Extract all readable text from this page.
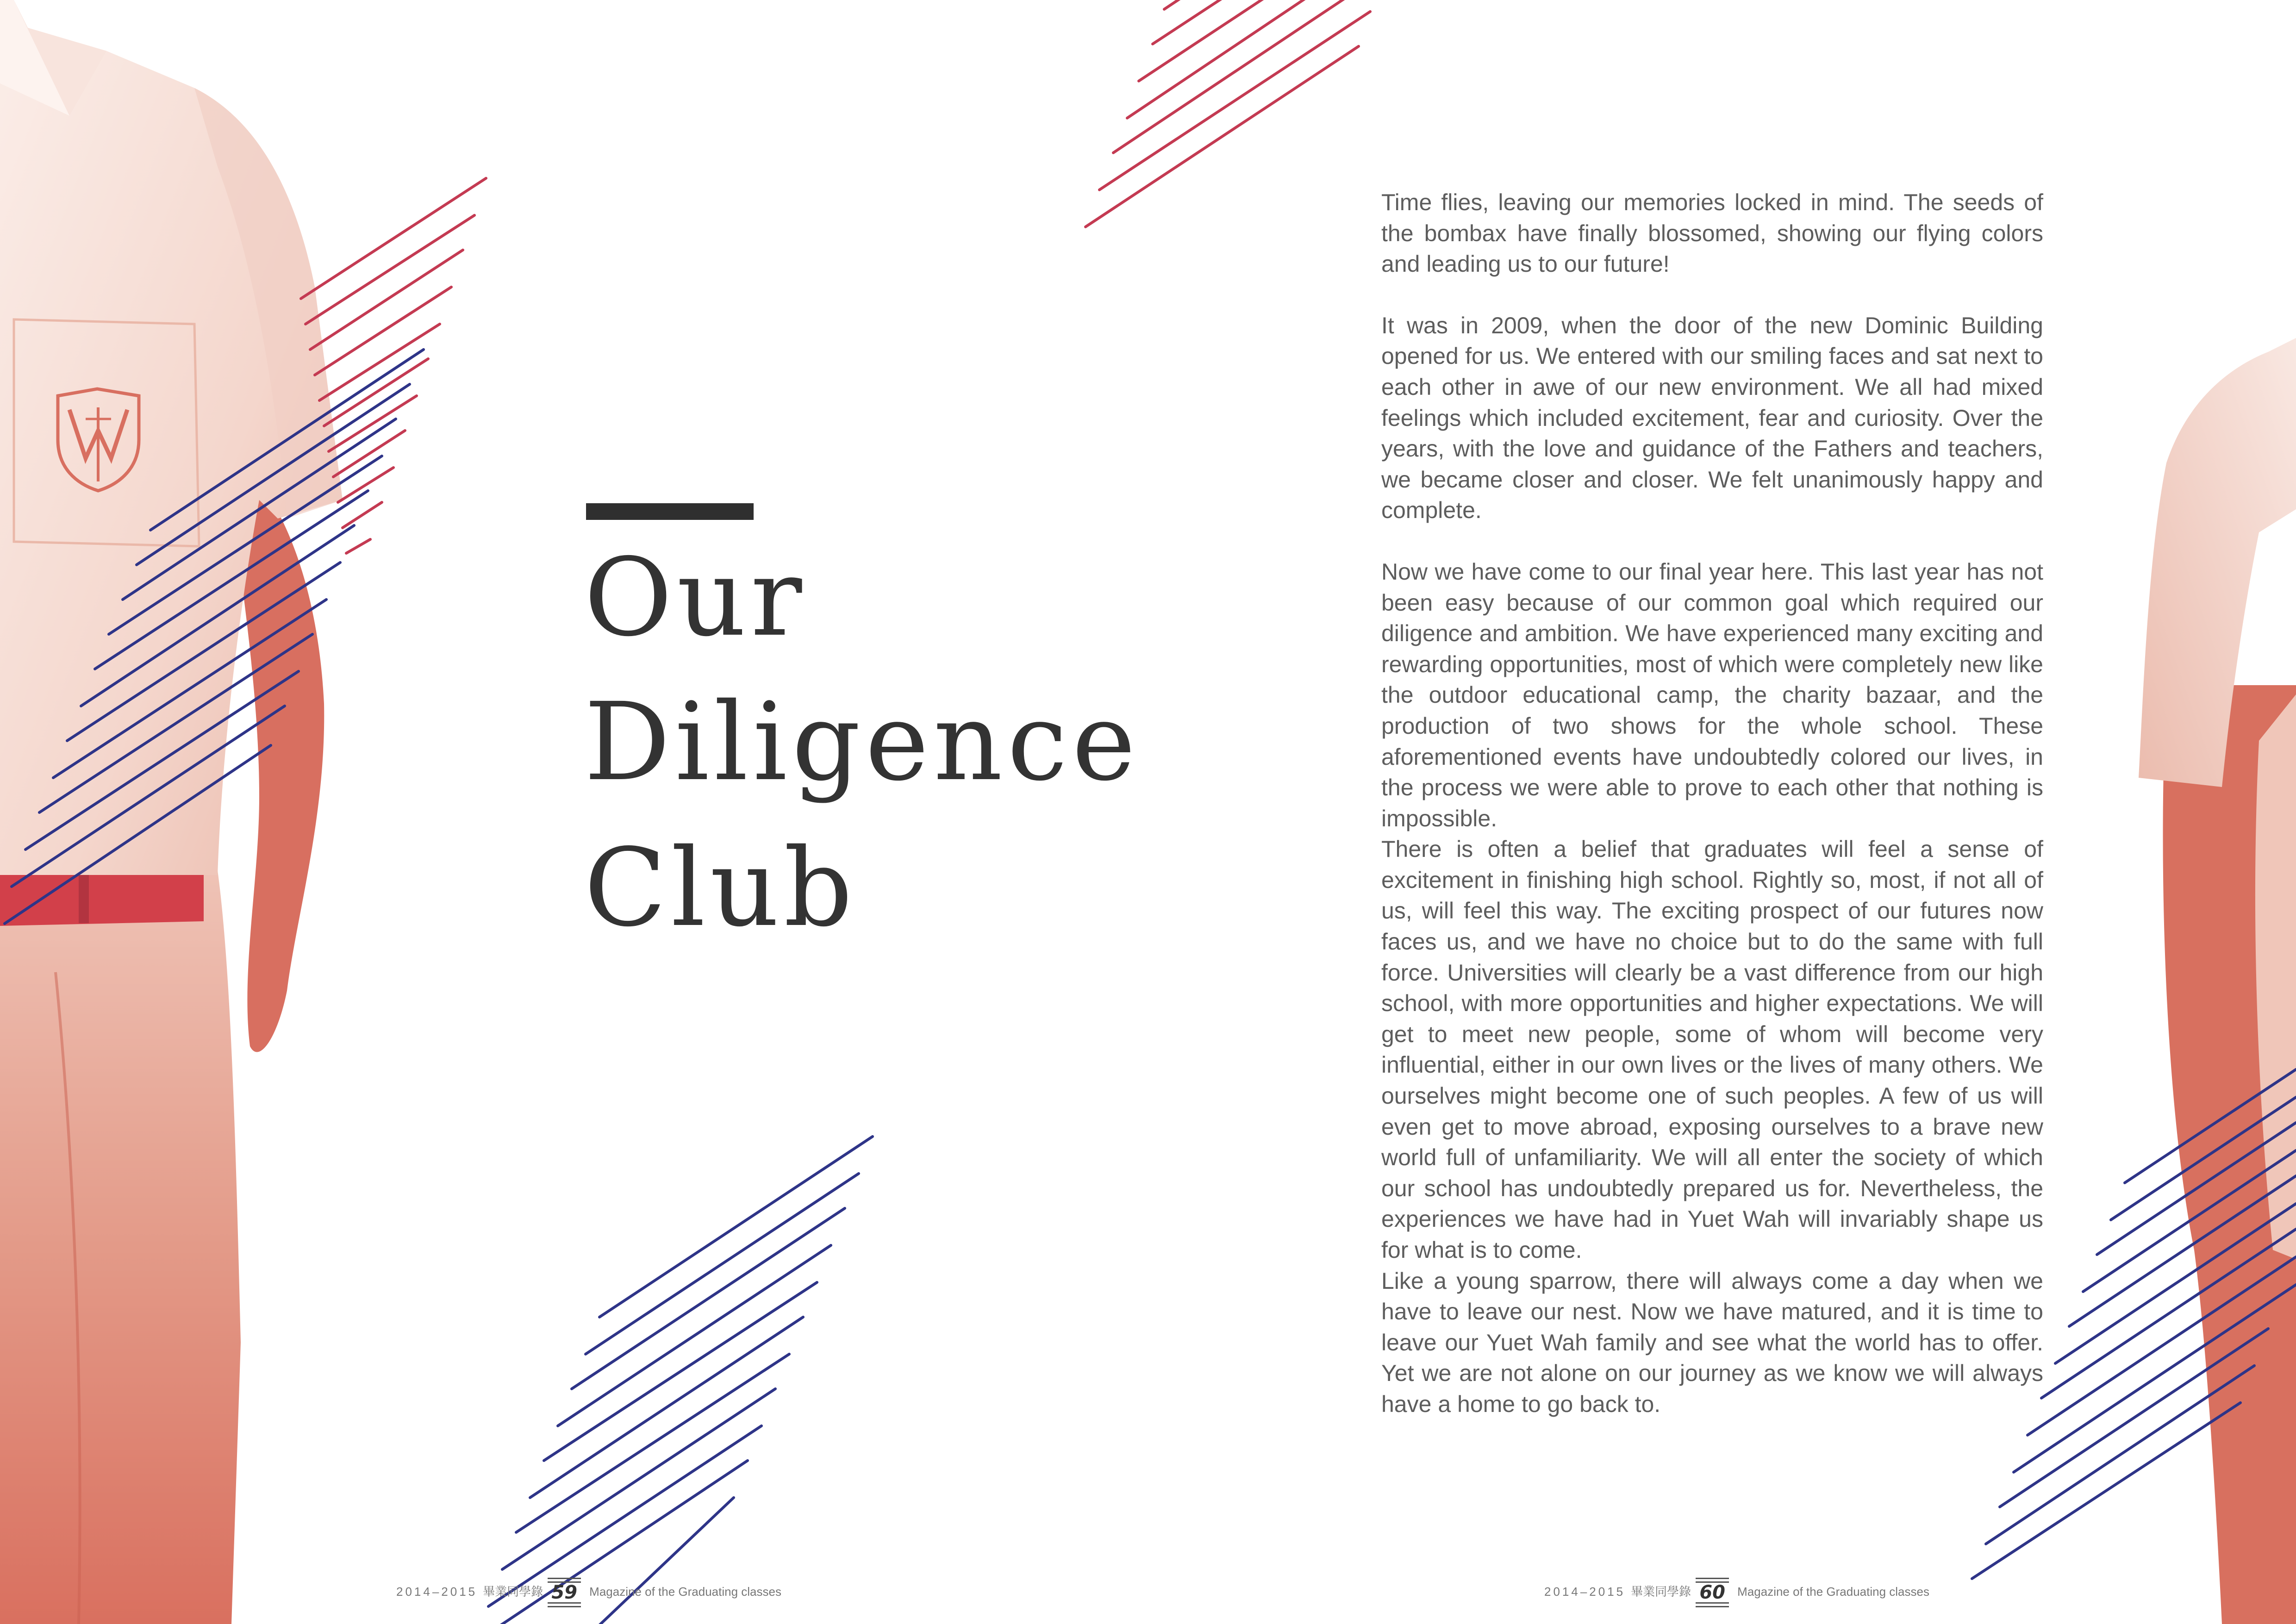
Our
Diligence
Club

Time flies, leaving our memories locked in mind. The seeds of the bombax have finally blossomed, showing our flying colors and leading us to our future!

It was in 2009, when the door of the new Dominic Building opened for us. We entered with our smiling faces and sat next to each other in awe of our new environment. We all had mixed feelings which included excitement, fear and curiosity. Over the years, with the love and guidance of the Fathers and teachers, we became closer and closer. We felt unanimously happy and complete.

Now we have come to our final year here. This last year has not been easy because of our common goal which required our diligence and ambition. We have experienced many exciting and rewarding opportunities, most of which were completely new like the outdoor educational camp, the charity bazaar, and the production of two shows for the whole school. These aforementioned events have undoubtedly colored our lives, in the process we were able to prove to each other that nothing is impossible.

There is often a belief that graduates will feel a sense of excitement in finishing high school. Rightly so, most, if not all of us, will feel this way. The exciting prospect of our futures now faces us, and we have no choice but to do the same with full force. Universities will clearly be a vast difference from our high school, with more opportunities and higher expectations. We will get to meet new people, some of whom will become very influential, either in our own lives or the lives of many others. We ourselves might become one of such peoples. A few of us will even get to move abroad, exposing ourselves to a brave new world full of unfamiliarity. We will all enter the society of which our school has undoubtedly prepared us for. Nevertheless, the experiences we have had in Yuet Wah will invariably shape us for what is to come.

Like a young sparrow, there will always come a day when we have to leave our nest. Now we have matured, and it is time to leave our Yuet Wah family and see what the world has to offer. Yet we are not alone on our journey as we know we will always have a home to go back to.

2014–2015 畢業同學錄 59 Magazine of the Graduating classes	2014–2015 畢業同學錄 60 Magazine of the Graduating classes
